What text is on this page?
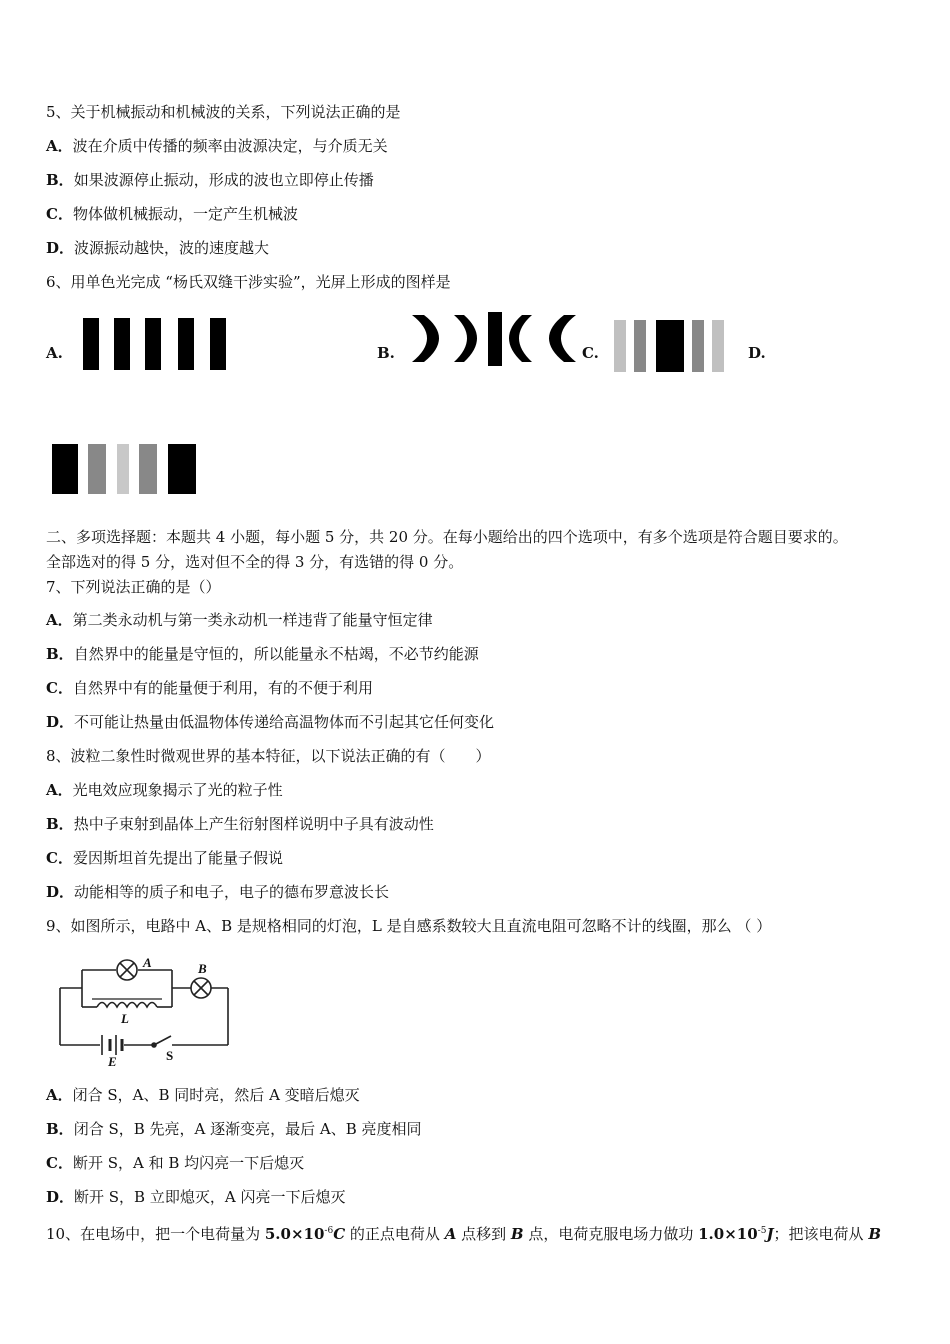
5、关于机械振动和机械波的关系，下列说法正确的是
A．波在介质中传播的频率由波源决定，与介质无关
B．如果波源停止振动，形成的波也立即停止传播
C．物体做机械振动，一定产生机械波
D．波源振动越快，波的速度越大
6、用单色光完成 “杨氏双缝干涉实验”，光屏上形成的图样是
A.	B.	C.	D.
二、多项选择题：本题共 4 小题，每小题 5 分，共 20 分。在每小题给出的四个选项中，有多个选项是符合题目要求的。
全部选对的得 5 分，选对但不全的得 3 分，有选错的得 0 分。
7、下列说法正确的是（）
A．第二类永动机与第一类永动机一样违背了能量守恒定律
B．自然界中的能量是守恒的，所以能量永不枯竭，不必节约能源
C．自然界中有的能量便于利用，有的不便于利用
D．不可能让热量由低温物体传递给高温物体而不引起其它任何变化
8、波粒二象性时微观世界的基本特征，以下说法正确的有（　　）
A．光电效应现象揭示了光的粒子性
B．热中子束射到晶体上产生衍射图样说明中子具有波动性
C．爱因斯坦首先提出了能量子假说
D．动能相等的质子和电子，电子的德布罗意波长长
9、如图所示，电路中 A、B 是规格相同的灯泡，L 是自感系数较大且直流电阻可忽略不计的线圈，那么 （ ）
A	B
L
E	S
A．闭合 S，A、B 同时亮，然后 A 变暗后熄灭
B．闭合 S，B 先亮，A 逐渐变亮，最后 A、B 亮度相同
C．断开 S，A 和 B 均闪亮一下后熄灭
D．断开 S，B 立即熄灭，A 闪亮一下后熄灭
10、在电场中，把一个电荷量为 $5.0\times 10^{-6}C$ 的正点电荷从 A 点移到 B 点，电荷克服电场力做功 $1.0\times 10^{-5}J$；把该电荷从 B
